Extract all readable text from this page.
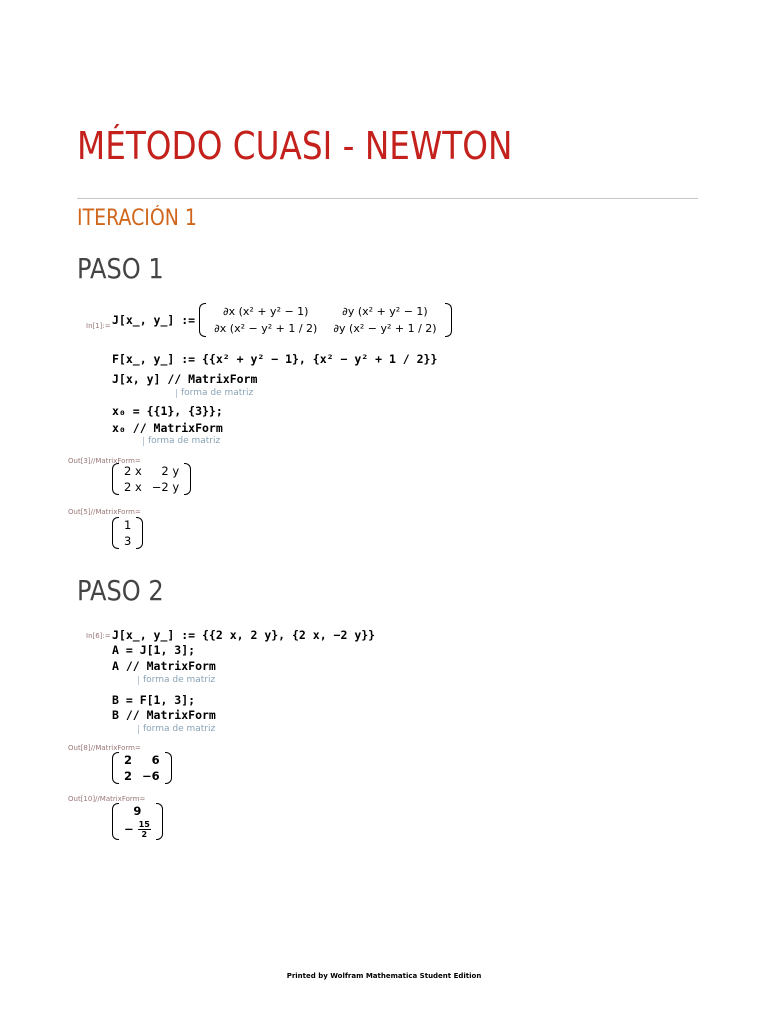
MÉTODO CUASI - NEWTON
ITERACIÓN 1
PASO 1
In[1]:= J[x_, y_] :=
∂x (x² + y² − 1)	∂y (x² + y² − 1)
∂x (x² − y² + 1 / 2)	∂y (x² − y² + 1 / 2)
F[x_, y_] := {{x² + y² − 1}, {x² − y² + 1 / 2}}
J[x, y] // MatrixForm
forma de matriz
x₀ = {{1}, {3}};
x₀ // MatrixForm
forma de matriz
Out[3]//MatrixForm=
2 x	2 y
2 x	−2 y
Out[5]//MatrixForm=
1
3
PASO 2
In[6]:= J[x_, y_] := {{2 x, 2 y}, {2 x, −2 y}}
A = J[1, 3];
A // MatrixForm
forma de matriz
B = F[1, 3];
B // MatrixForm
forma de matriz
Out[8]//MatrixForm=
2	6
2	−6
Out[10]//MatrixForm=
9
− $\frac{15}{2}$
Printed by Wolfram Mathematica Student Edition
